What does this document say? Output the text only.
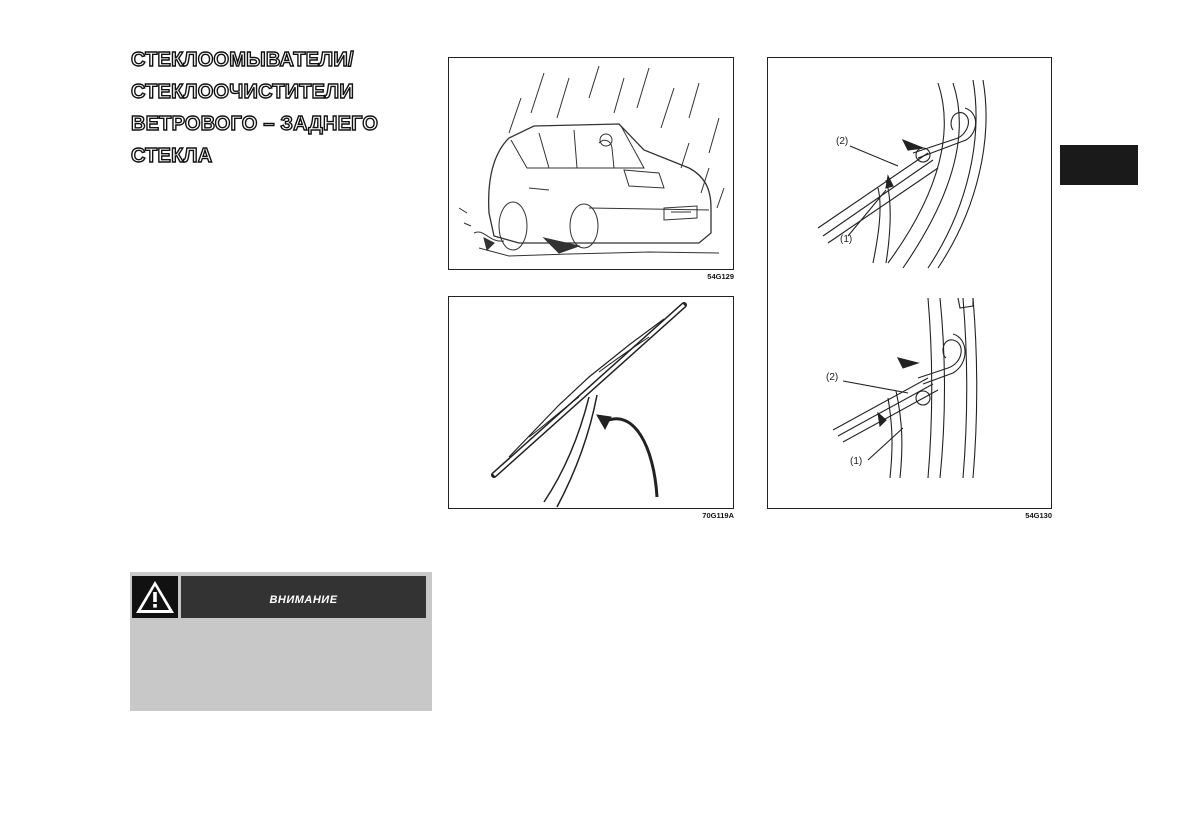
СТЕКЛООМЫВАТЕЛИ/
СТЕКЛООЧИСТИТЕЛИ
ВЕТРОВОГО – ЗАДНЕГО
СТЕКЛА
54G129
70G119A
(2)
(1)
(2)
(1)
54G130
ВНИМАНИЕ
